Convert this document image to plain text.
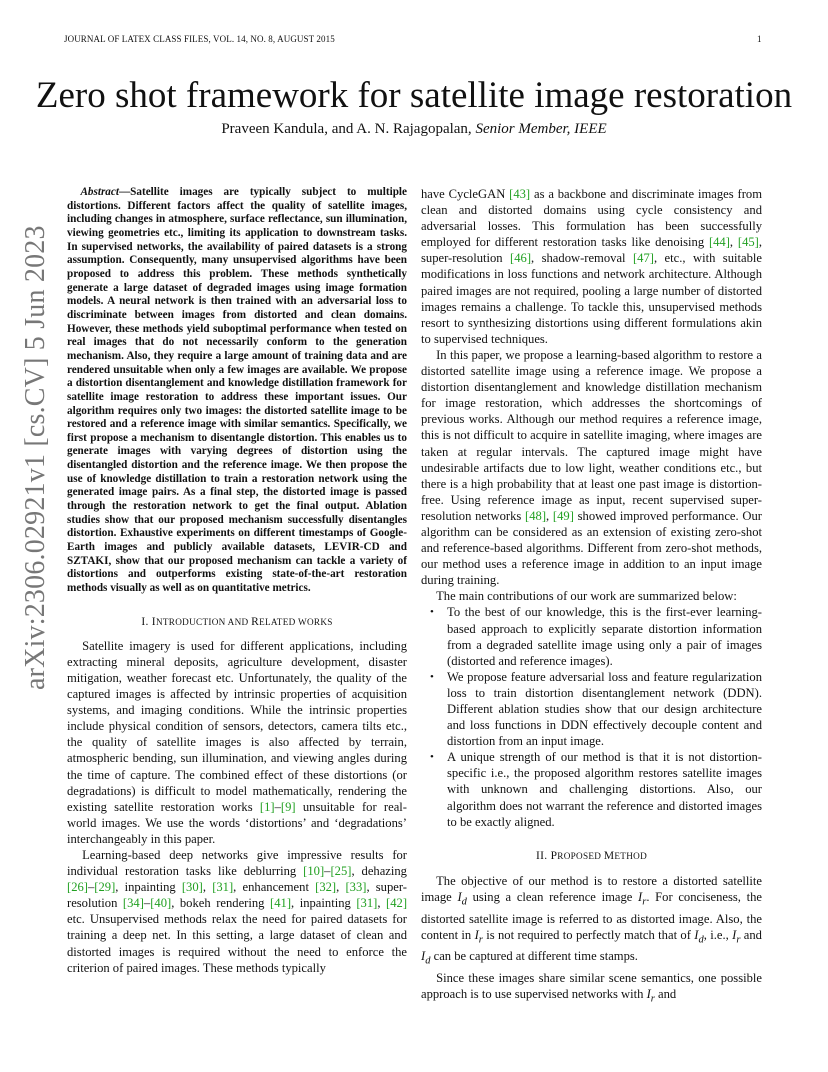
JOURNAL OF LATEX CLASS FILES, VOL. 14, NO. 8, AUGUST 2015	1
Zero shot framework for satellite image restoration
Praveen Kandula, and A. N. Rajagopalan, Senior Member, IEEE
arXiv:2306.02921v1 [cs.CV] 5 Jun 2023

Abstract—Satellite images are typically subject to multiple distortions. Different factors affect the quality of satellite images, including changes in atmosphere, surface reflectance, sun illumination, viewing geometries etc., limiting its application to downstream tasks. In supervised networks, the availability of paired datasets is a strong assumption. Consequently, many unsupervised algorithms have been proposed to address this problem. These methods synthetically generate a large dataset of degraded images using image formation models. A neural network is then trained with an adversarial loss to discriminate between images from distorted and clean domains. However, these methods yield suboptimal performance when tested on real images that do not necessarily conform to the generation mechanism. Also, they require a large amount of training data and are rendered unsuitable when only a few images are available. We propose a distortion disentanglement and knowledge distillation framework for satellite image restoration to address these important issues. Our algorithm requires only two images: the distorted satellite image to be restored and a reference image with similar semantics. Specifically, we first propose a mechanism to disentangle distortion. This enables us to generate images with varying degrees of distortion using the disentangled distortion and the reference image. We then propose the use of knowledge distillation to train a restoration network using the generated image pairs. As a final step, the distorted image is passed through the restoration network to get the final output. Ablation studies show that our proposed mechanism successfully disentangles distortion. Exhaustive experiments on different timestamps of Google-Earth images and publicly available datasets, LEVIR-CD and SZTAKI, show that our proposed mechanism can tackle a variety of distortions and outperforms existing state-of-the-art restoration methods visually as well as on quantitative metrics.

I. INTRODUCTION AND RELATED WORKS

Satellite imagery is used for different applications, including extracting mineral deposits, agriculture development, disaster mitigation, weather forecast etc. Unfortunately, the quality of the captured images is affected by intrinsic properties of acquisition systems, and imaging conditions. While the intrinsic properties include physical condition of sensors, detectors, camera tilts etc., the quality of satellite images is also affected by terrain, atmospheric bending, sun illumination, and viewing angles during the time of capture. The combined effect of these distortions (or degradations) is difficult to model mathematically, rendering the existing satellite restoration works [1]–[9] unsuitable for real-world images. We use the words ‘distortions’ and ‘degradations’ interchangeably in this paper.

Learning-based deep networks give impressive results for individual restoration tasks like deblurring [10]–[25], dehazing [26]–[29], inpainting [30], [31], enhancement [32], [33], super-resolution [34]–[40], bokeh rendering [41], inpainting [31], [42] etc. Unsupervised methods relax the need for paired datasets for training a deep net. In this setting, a large dataset of clean and distorted images is required without the need to enforce the criterion of paired images. These methods typically

have CycleGAN [43] as a backbone and discriminate images from clean and distorted domains using cycle consistency and adversarial losses. This formulation has been successfully employed for different restoration tasks like denoising [44], [45], super-resolution [46], shadow-removal [47], etc., with suitable modifications in loss functions and network architecture. Although paired images are not required, pooling a large number of distorted images remains a challenge. To tackle this, unsupervised methods resort to synthesizing distortions using different formulations akin to supervised techniques.

In this paper, we propose a learning-based algorithm to restore a distorted satellite image using a reference image. We propose a distortion disentanglement and knowledge distillation mechanism for image restoration, which addresses the shortcomings of previous works. Although our method requires a reference image, this is not difficult to acquire in satellite imaging, where images are taken at regular intervals. The captured image might have undesirable artifacts due to low light, weather conditions etc., but there is a high probability that at least one past image is distortion-free. Using reference image as input, recent supervised super-resolution networks [48], [49] showed improved performance. Our algorithm can be considered as an extension of existing zero-shot and reference-based algorithms. Different from zero-shot methods, our method uses a reference image in addition to an input image during training.

The main contributions of our work are summarized below:

• To the best of our knowledge, this is the first-ever learning-based approach to explicitly separate distortion information from a degraded satellite image using only a pair of images (distorted and reference images).
• We propose feature adversarial loss and feature regularization loss to train distortion disentanglement network (DDN). Different ablation studies show that our design architecture and loss functions in DDN effectively decouple content and distortion from an input image.
• A unique strength of our method is that it is not distortion-specific i.e., the proposed algorithm restores satellite images with unknown and challenging distortions. Also, our algorithm does not warrant the reference and distorted images to be exactly aligned.
II. PROPOSED METHOD

The objective of our method is to restore a distorted satellite image $I_d$ using a clean reference image $I_r$. For conciseness, the distorted satellite image is referred to as distorted image. Also, the content in $I_r$ is not required to perfectly match that of $I_d$, i.e., $I_r$ and $I_d$ can be captured at different time stamps.

Since these images share similar scene semantics, one possible approach is to use supervised networks with $I_r$ and
